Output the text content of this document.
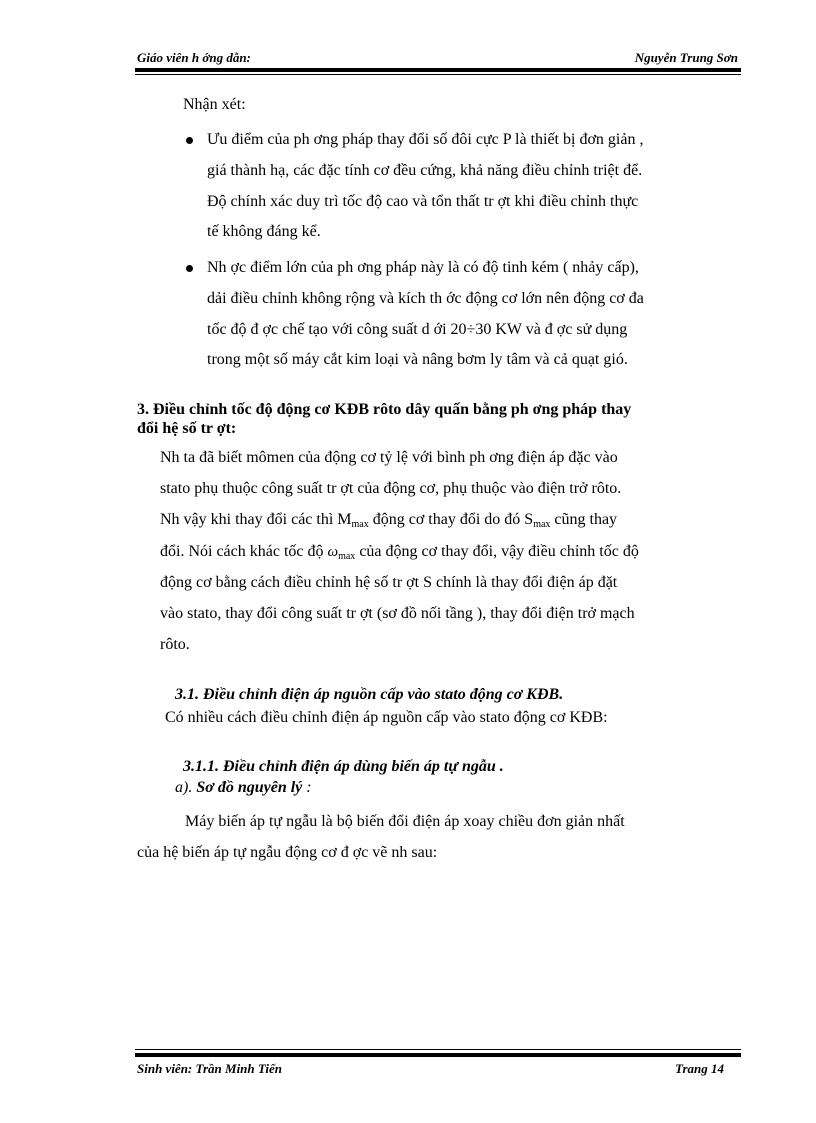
Giáo viên h ớng dẫn:	Nguyễn Trung Sơn
Nhận xét:
Ưu điểm của ph ơng pháp thay đổi số đôi cực P là thiết bị đơn giản ,
giá thành hạ, các đặc tính cơ đều cứng, khả năng điều chỉnh triệt để.
Độ chính xác duy trì tốc độ cao và tổn thất tr ợt khi điều chỉnh thực
tế không đáng kể.
Nh ợc điểm lớn của ph ơng pháp này là có độ tinh kém ( nhảy cấp),
dải điều chỉnh không rộng và kích th ớc động cơ lớn nên động cơ đa
tốc độ đ ợc chế tạo với công suất d ới 20÷30 KW và đ ợc sử dụng
trong một số máy cắt kim loại và nâng bơm ly tâm và cả quạt gió.
3. Điều chỉnh tốc độ động cơ KĐB rôto dây quấn bằng ph ơng pháp thay
đổi hệ số tr ợt:
Nh ta đã biết mômen của động cơ tỷ lệ với bình ph ơng điện áp đặc vào
stato phụ thuộc công suất tr ợt của động cơ, phụ thuộc vào điện trở rôto.
Nh vậy khi thay đổi các thì $M_{max}$ động cơ thay đổi do đó $S_{max}$ cũng thay
đổi. Nói cách khác tốc độ $\omega_{max}$ của động cơ thay đổi, vậy điều chỉnh tốc độ
động cơ bằng cách điều chỉnh hệ số tr ợt S chính là thay đổi điện áp đặt
vào stato, thay đổi công suất tr ợt (sơ đồ nối tầng ), thay đổi điện trở mạch
rôto.
3.1. Điều chỉnh điện áp nguồn cấp vào stato động cơ KĐB.
Có nhiều cách điều chỉnh điện áp nguồn cấp vào stato động cơ KĐB:
3.1.1. Điều chỉnh điện áp dùng biến áp tự ngẫu .
a). Sơ đồ nguyên lý :
Máy biến áp tự ngẫu là bộ biến đổi điện áp xoay chiều đơn giản nhất
của hệ biến áp tự ngẫu động cơ đ ợc vẽ nh sau:
Sinh viên: Trần Minh Tiến	Trang 14
